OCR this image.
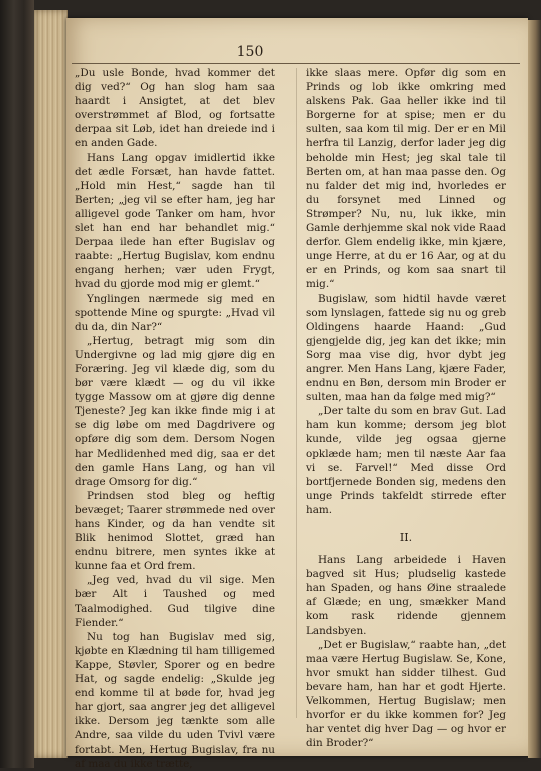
150

„Du usle Bonde, hvad kommer det dig ved?“ Og han slog ham saa haardt i Ansigtet, at det blev overstrømmet af Blod, og fortsatte derpaa sit Løb, idet han dreiede ind i en anden Gade.

Hans Lang opgav imidlertid ikke det ædle Forsæt, han havde fattet. „Hold min Hest,“ sagde han til Berten; „jeg vil se efter ham, jeg har alligevel gode Tanker om ham, hvor slet han end har behandlet mig.“ Derpaa ilede han efter Bugislav og raabte: „Hertug Bugislav, kom endnu engang herhen; vær uden Frygt, hvad du gjorde mod mig er glemt.“

Ynglingen nærmede sig med en spottende Mine og spurgte: „Hvad vil du da, din Nar?“

„Hertug, betragt mig som din Undergivne og lad mig gjøre dig en Foræring. Jeg vil klæde dig, som du bør være klædt — og du vil ikke tygge Massow om at gjøre dig denne Tjeneste? Jeg kan ikke finde mig i at se dig løbe om med Dagdrivere og opføre dig som dem. Dersom Nogen har Medlidenhed med dig, saa er det den gamle Hans Lang, og han vil drage Omsorg for dig.“

Prindsen stod bleg og heftig bevæget; Taarer strømmede ned over hans Kinder, og da han vendte sit Blik henimod Slottet, græd han endnu bitrere, men syntes ikke at kunne faa et Ord frem.

„Jeg ved, hvad du vil sige. Men bær Alt i Taushed og med Taalmodighed. Gud tilgive dine Fiender.“

Nu tog han Bugislav med sig, kjøbte en Klædning til ham tilligemed Kappe, Støvler, Sporer og en bedre Hat, og sagde endelig: „Skulde jeg end komme til at bøde for, hvad jeg har gjort, saa angrer jeg det alligevel ikke. Dersom jeg tænkte som alle Andre, saa vilde du uden Tvivl være fortabt. Men, Hertug Bugislav, fra nu af maa du ikke trætte,

ikke slaas mere. Opfør dig som en Prinds og lob ikke omkring med alskens Pak. Gaa heller ikke ind til Borgerne for at spise; men er du sulten, saa kom til mig. Der er en Mil herfra til Lanzig, derfor lader jeg dig beholde min Hest; jeg skal tale til Berten om, at han maa passe den. Og nu falder det mig ind, hvorledes er du forsynet med Linned og Strømper? Nu, nu, luk ikke, min Gamle derhjemme skal nok vide Raad derfor. Glem endelig ikke, min kjære, unge Herre, at du er 16 Aar, og at du er en Prinds, og kom saa snart til mig.“

Bugislaw, som hidtil havde været som lynslagen, fattede sig nu og greb Oldingens haarde Haand: „Gud gjengjelde dig, jeg kan det ikke; min Sorg maa vise dig, hvor dybt jeg angrer. Men Hans Lang, kjære Fader, endnu en Bøn, dersom min Broder er sulten, maa han da følge med mig?“

„Der talte du som en brav Gut. Lad ham kun komme; dersom jeg blot kunde, vilde jeg ogsaa gjerne opklæde ham; men til næste Aar faa vi se. Farvel!“ Med disse Ord bortfjernede Bonden sig, medens den unge Prinds takfeldt stirrede efter ham.

II.

Hans Lang arbeidede i Haven bagved sit Hus; pludselig kastede han Spaden, og hans Øine straalede af Glæde; en ung, smækker Mand kom rask ridende gjennem Landsbyen.

„Det er Bugislaw,“ raabte han, „det maa være Hertug Bugislaw. Se, Kone, hvor smukt han sidder tilhest. Gud bevare ham, han har et godt Hjerte. Velkommen, Hertug Bugislaw; men hvorfor er du ikke kommen for? Jeg har ventet dig hver Dag — og hvor er din Broder?“
